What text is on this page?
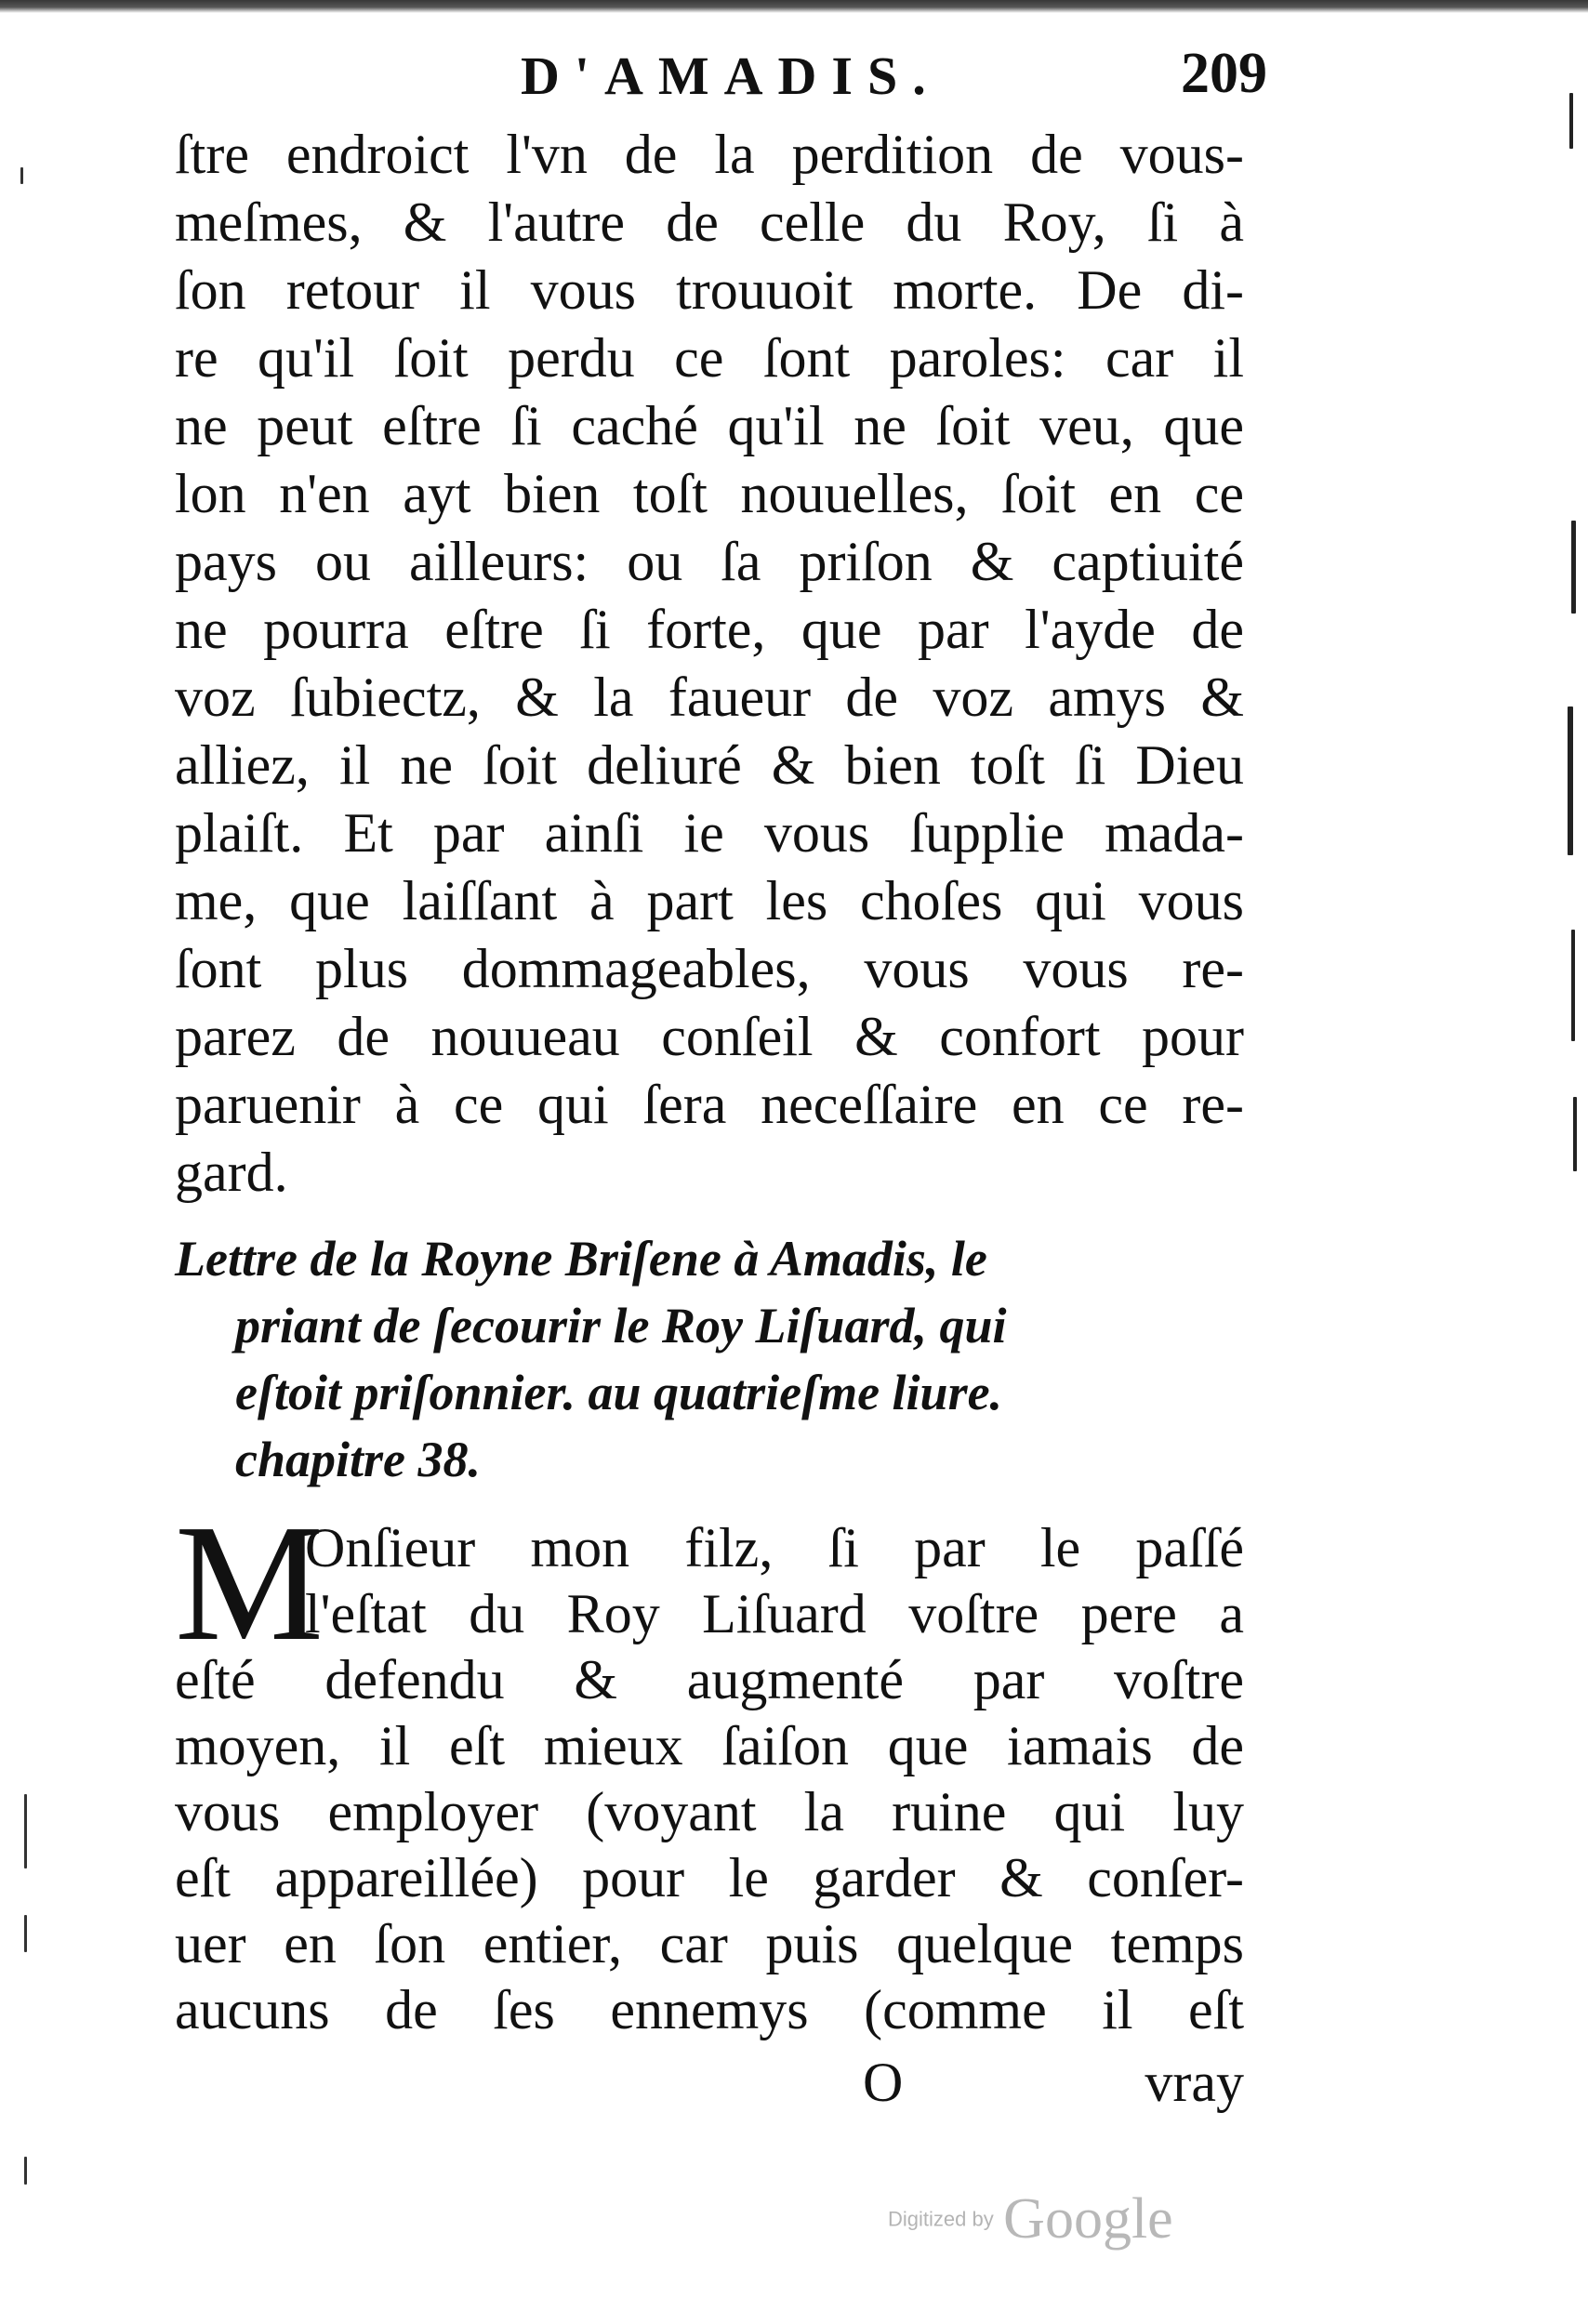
D'AMADIS.	209
ſtre endroict l'vn de la perdition de vous-
meſmes, & l'autre de celle du Roy, ſi à
ſon retour il vous trouuoit morte. De di-
re qu'il ſoit perdu ce ſont paroles: car il
ne peut eſtre ſi caché qu'il ne ſoit veu, que
lon n'en ayt bien toſt nouuelles, ſoit en ce
pays ou ailleurs: ou ſa priſon & captiuité
ne pourra eſtre ſi forte, que par l'ayde de
voz ſubiectz, & la faueur de voz amys &
alliez, il ne ſoit deliuré & bien toſt ſi Dieu
plaiſt. Et par ainſi ie vous ſupplie mada-
me, que laiſſant à part les choſes qui vous
ſont plus dommageables, vous vous re-
parez de nouueau conſeil & confort pour
paruenir à ce qui ſera neceſſaire en ce re-
gard.
Lettre de la Royne Briſene à Amadis, le
priant de ſecourir le Roy Liſuard, qui
eſtoit priſonnier. au quatrieſme liure.
chapitre 38.
M
Onſieur mon filz, ſi par le paſſé
l'eſtat du Roy Liſuard voſtre pere a
eſté defendu & augmenté par voſtre
moyen, il eſt mieux ſaiſon que iamais de
vous employer (voyant la ruine qui luy
eſt appareillée) pour le garder & conſer-
uer en ſon entier, car puis quelque temps
aucuns de ſes ennemys (comme il eſt
O	vray
Digitized by Google
